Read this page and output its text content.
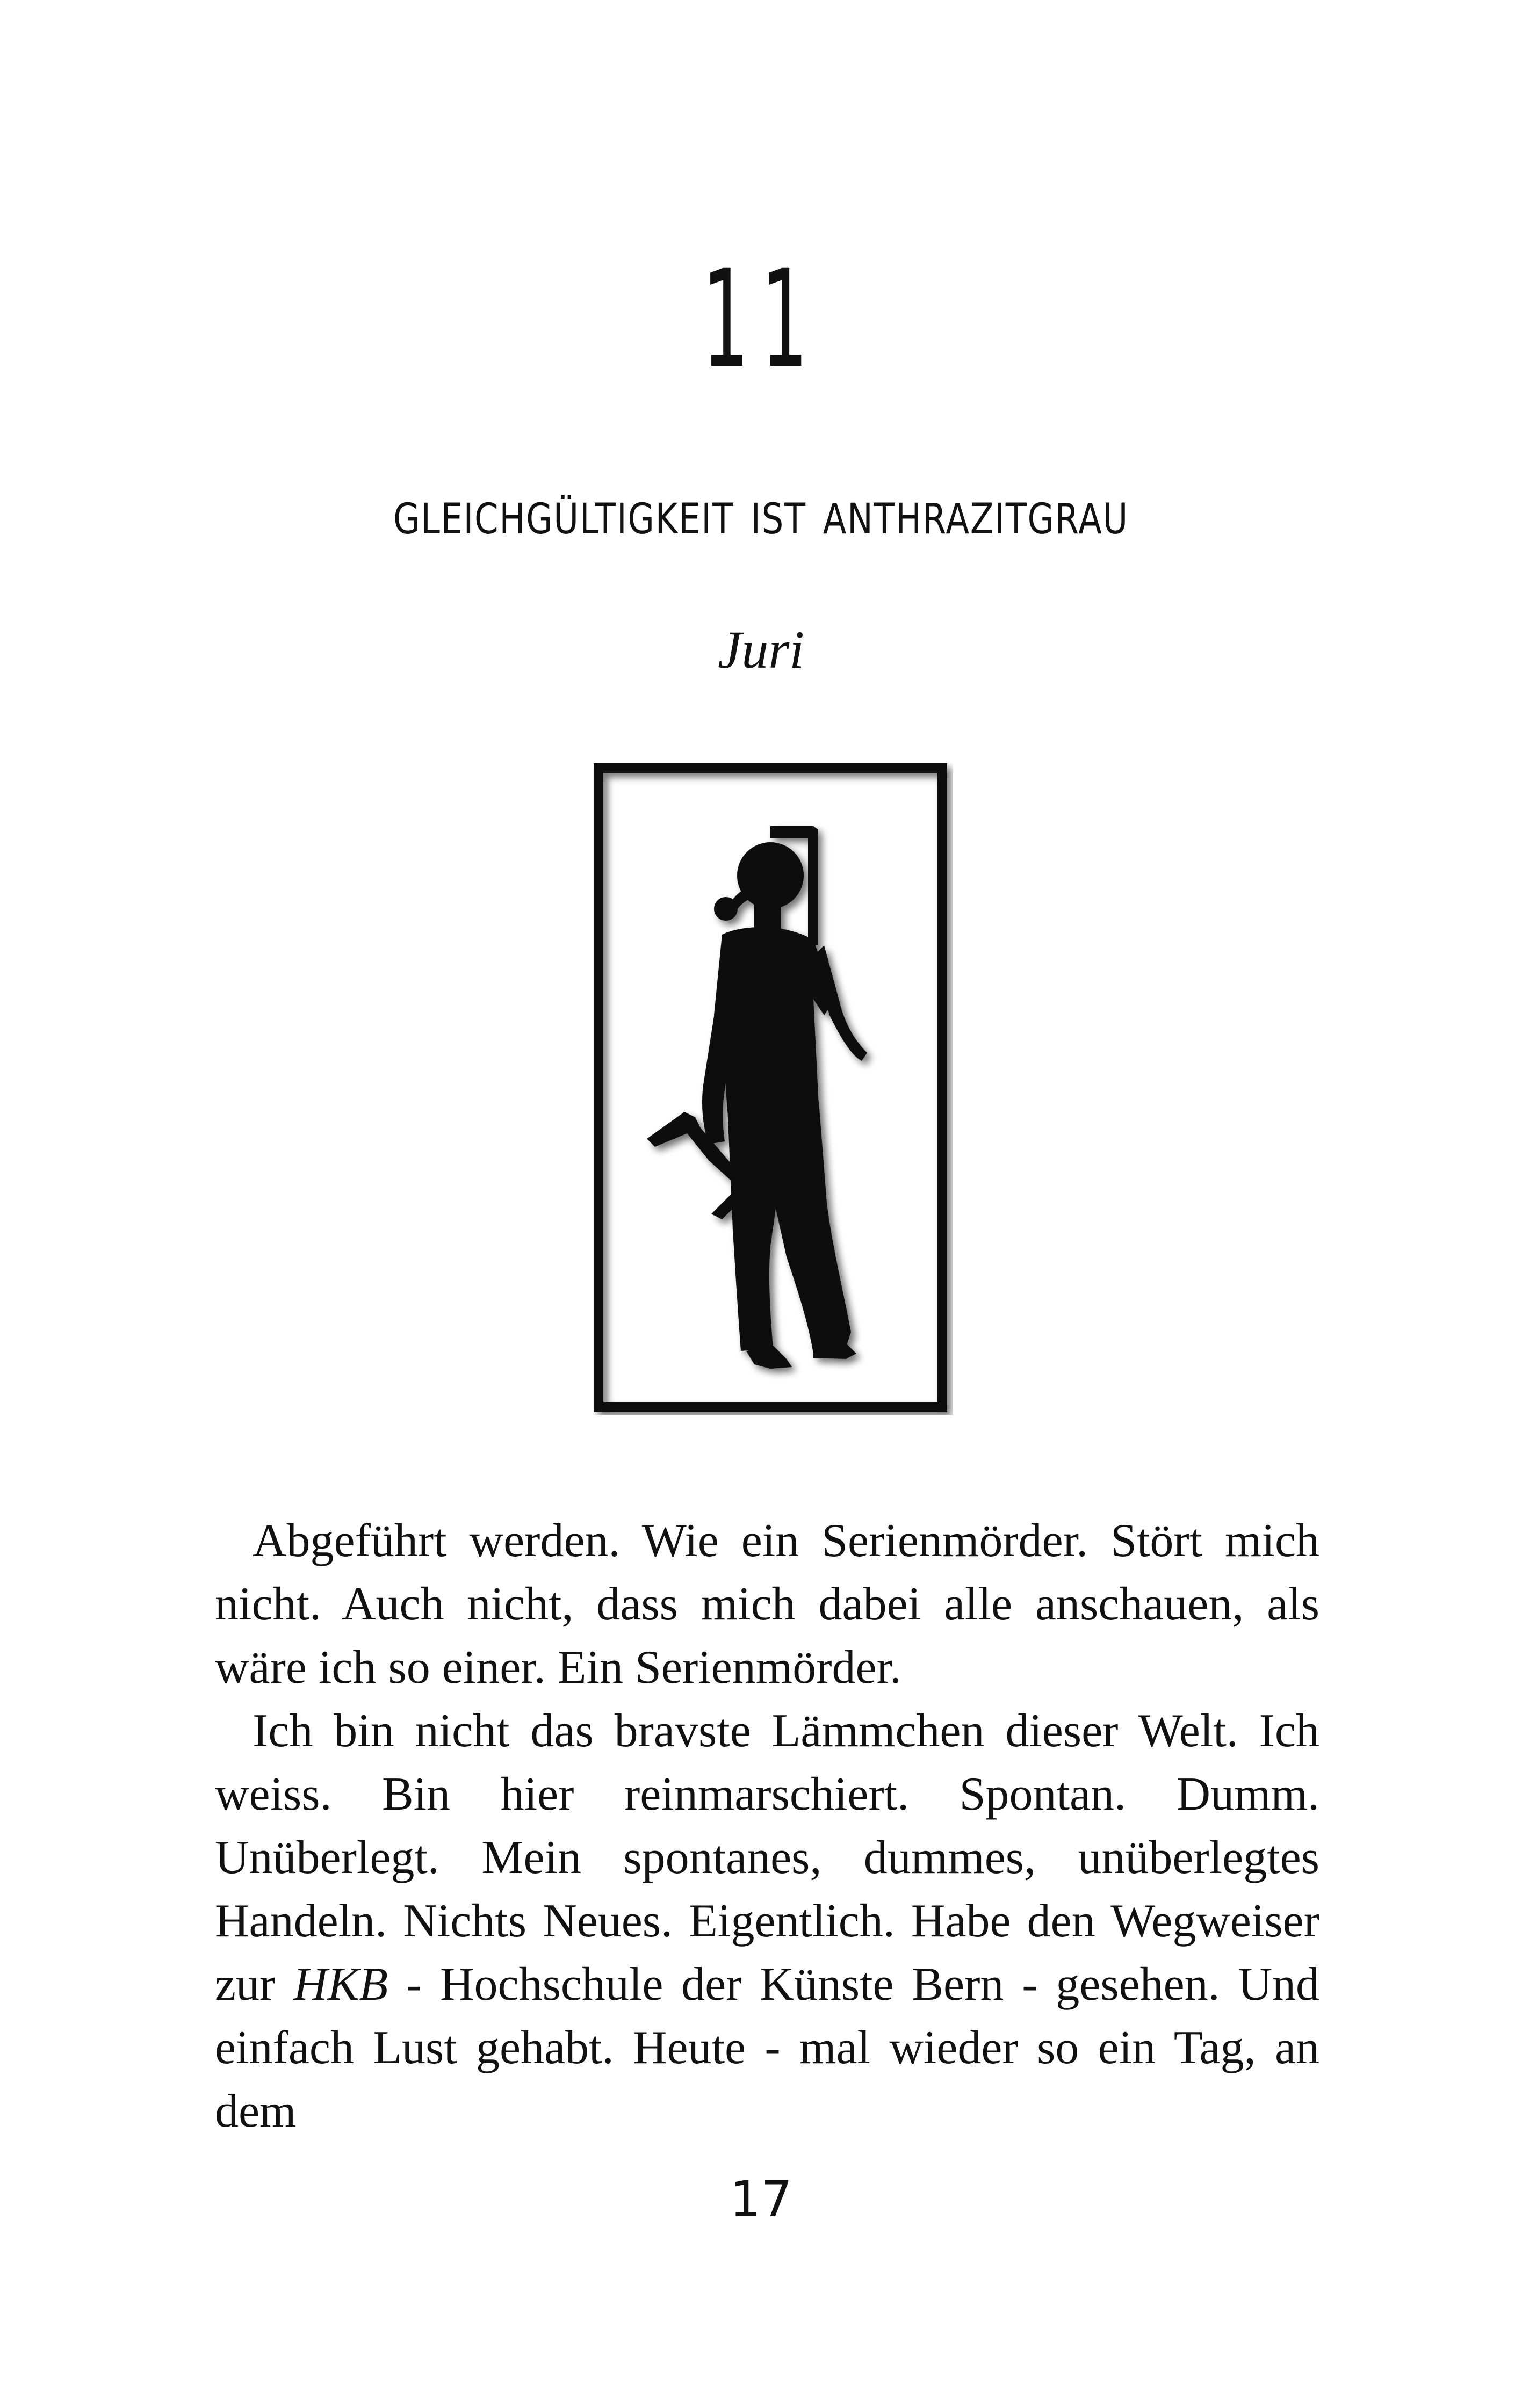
11
gleichgültigkeit ist anthrazitgrau
Juri

Abgeführt werden. Wie ein Serienmörder. Stört mich nicht. Auch nicht, dass mich dabei alle anschauen, als wäre ich so einer. Ein Serienmörder.

Ich bin nicht das bravste Lämmchen dieser Welt. Ich weiss. Bin hier reinmarschiert. Spontan. Dumm. Unüberlegt. Mein spontanes, dummes, unüberlegtes Handeln. Nichts Neues. Eigentlich. Habe den Wegweiser zur HKB - Hochschule der Künste Bern - gesehen. Und einfach Lust gehabt. Heute - mal wieder so ein Tag, an dem

17
